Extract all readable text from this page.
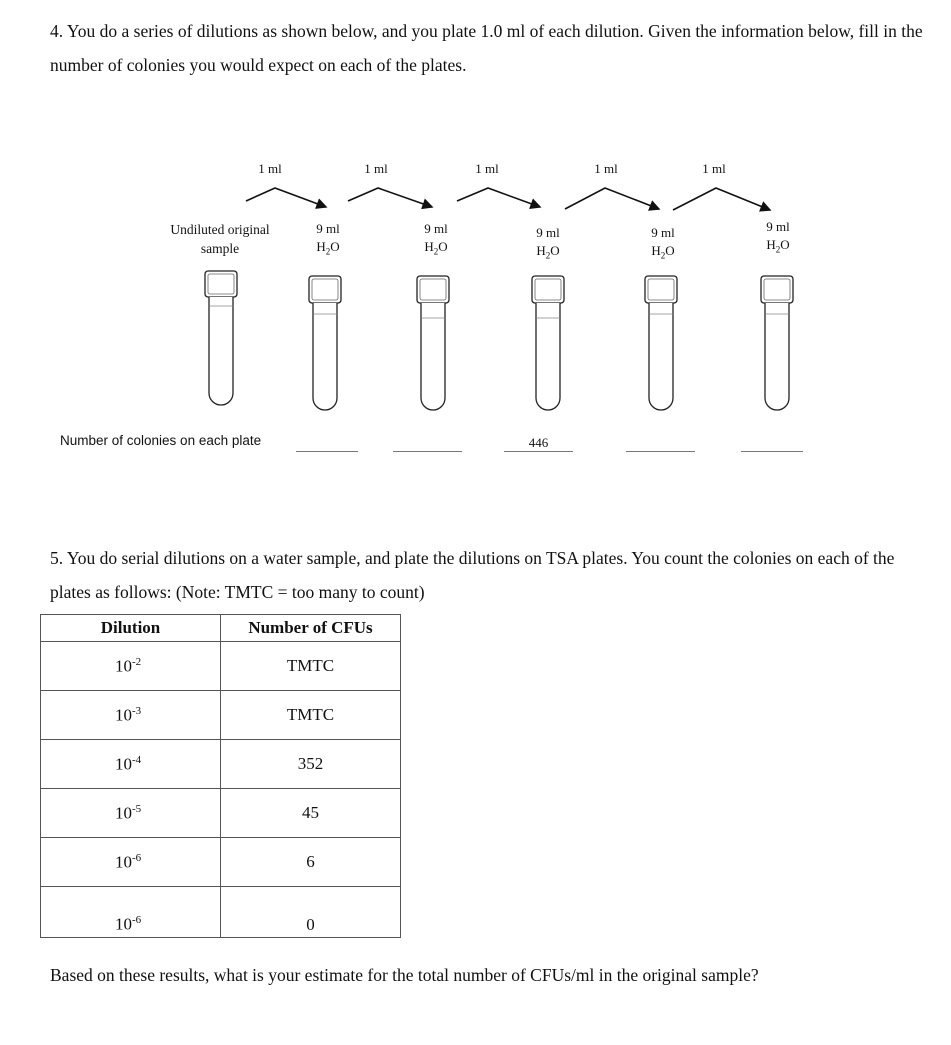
4. You do a series of dilutions as shown below, and you plate 1.0 ml of each dilution. Given the information below, fill in the number of colonies you would expect on each of the plates.

1 ml	1 ml	1 ml	1 ml	1 ml
Undiluted original
sample
9 ml
$H_2O$
9 ml
$H_2O$
9 ml
$H_2O$
9 ml
$H_2O$
9 ml
$H_2O$
Number of colonies on each plate	446

5. You do serial dilutions on a water sample, and plate the dilutions on TSA plates. You count the colonies on each of the plates as follows: (Note: TMTC = too many to count)

Dilution	Number of CFUs
$10^{-2}$	TMTC
$10^{-3}$	TMTC
$10^{-4}$	352
$10^{-5}$	45
$10^{-6}$	6
$10^{-6}$	0

Based on these results, what is your estimate for the total number of CFUs/ml in the original sample?
